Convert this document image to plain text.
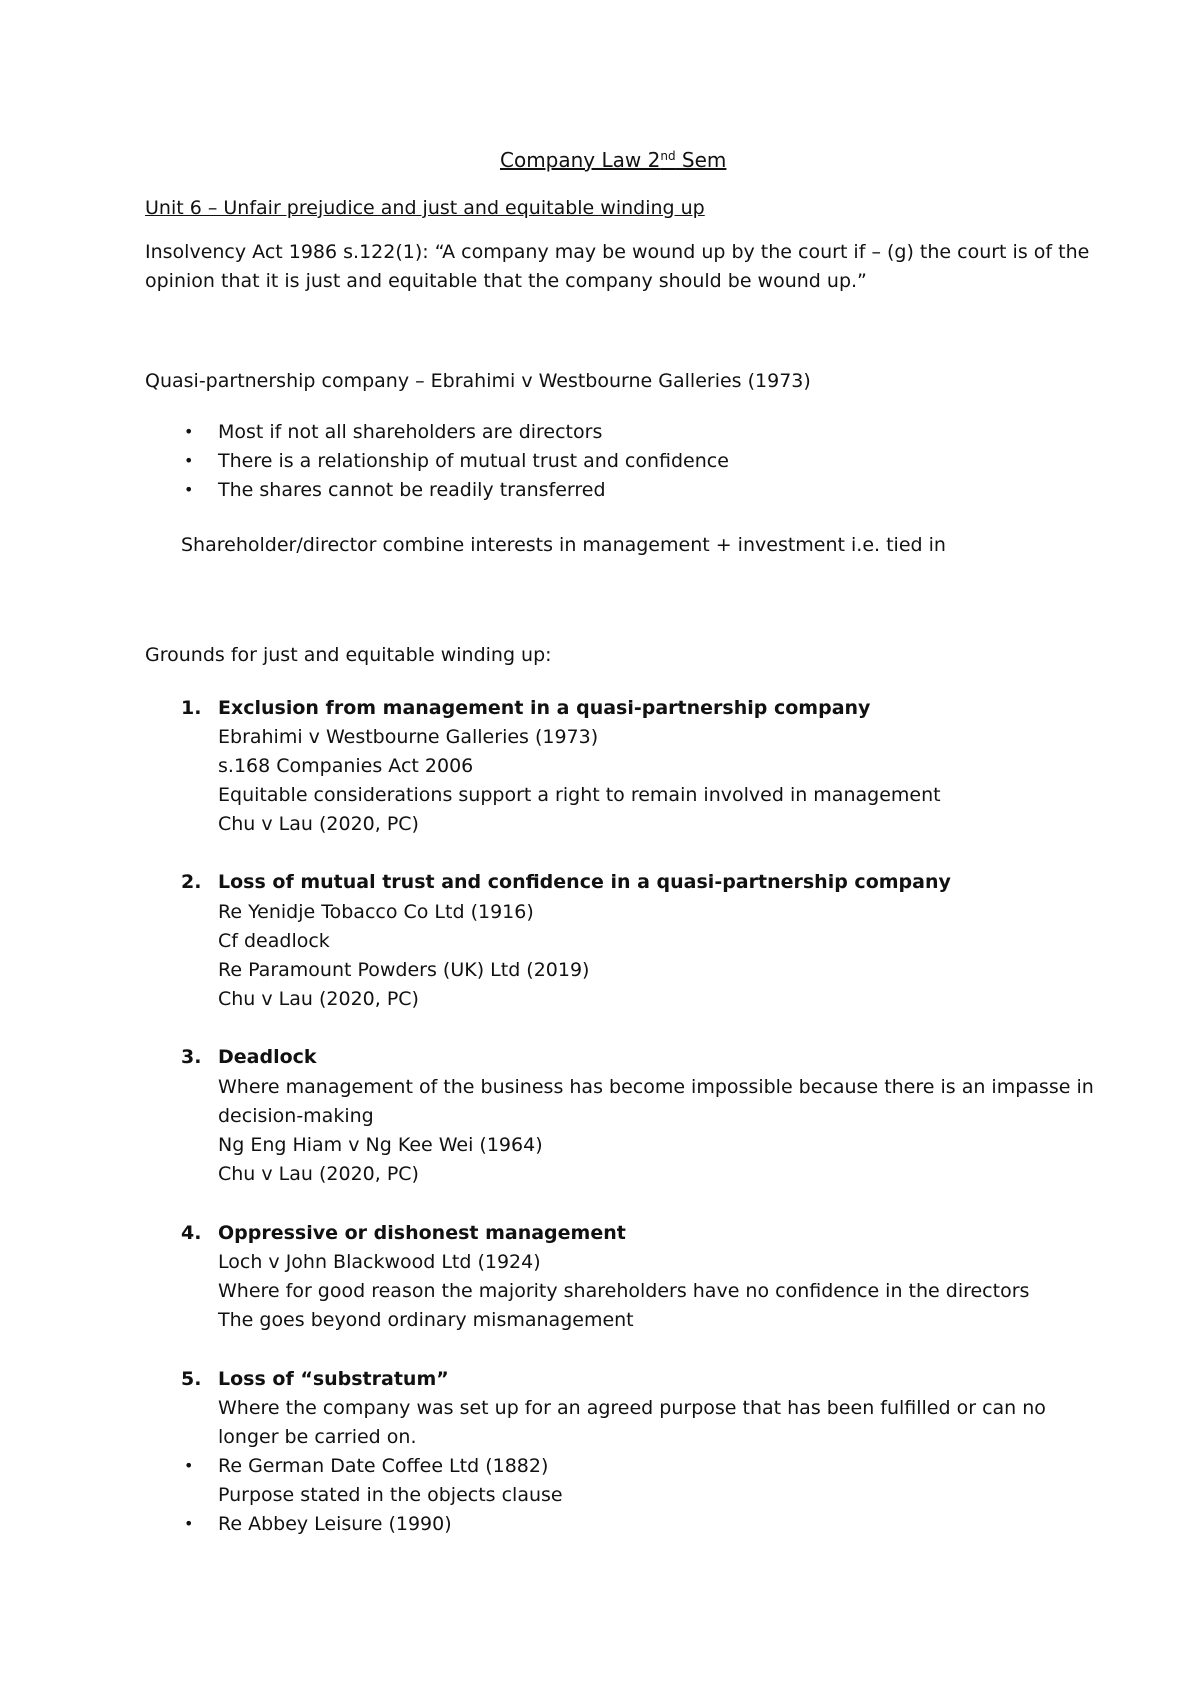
Company Law 2nd Sem
Unit 6 – Unfair prejudice and just and equitable winding up
Insolvency Act 1986 s.122(1): “A company may be wound up by the court if – (g) the court is of the
opinion that it is just and equitable that the company should be wound up.”
Quasi-partnership company – Ebrahimi v Westbourne Galleries (1973)
• Most if not all shareholders are directors
• There is a relationship of mutual trust and confidence
• The shares cannot be readily transferred
Shareholder/director combine interests in management + investment i.e. tied in
Grounds for just and equitable winding up:
1. Exclusion from management in a quasi-partnership company
Ebrahimi v Westbourne Galleries (1973)
s.168 Companies Act 2006
Equitable considerations support a right to remain involved in management
Chu v Lau (2020, PC)
2. Loss of mutual trust and confidence in a quasi-partnership company
Re Yenidje Tobacco Co Ltd (1916)
Cf deadlock
Re Paramount Powders (UK) Ltd (2019)
Chu v Lau (2020, PC)
3. Deadlock
Where management of the business has become impossible because there is an impasse in
decision-making
Ng Eng Hiam v Ng Kee Wei (1964)
Chu v Lau (2020, PC)
4. Oppressive or dishonest management
Loch v John Blackwood Ltd (1924)
Where for good reason the majority shareholders have no confidence in the directors
The goes beyond ordinary mismanagement
5. Loss of “substratum”
Where the company was set up for an agreed purpose that has been fulfilled or can no
longer be carried on.
• Re German Date Coffee Ltd (1882)
Purpose stated in the objects clause
• Re Abbey Leisure (1990)
